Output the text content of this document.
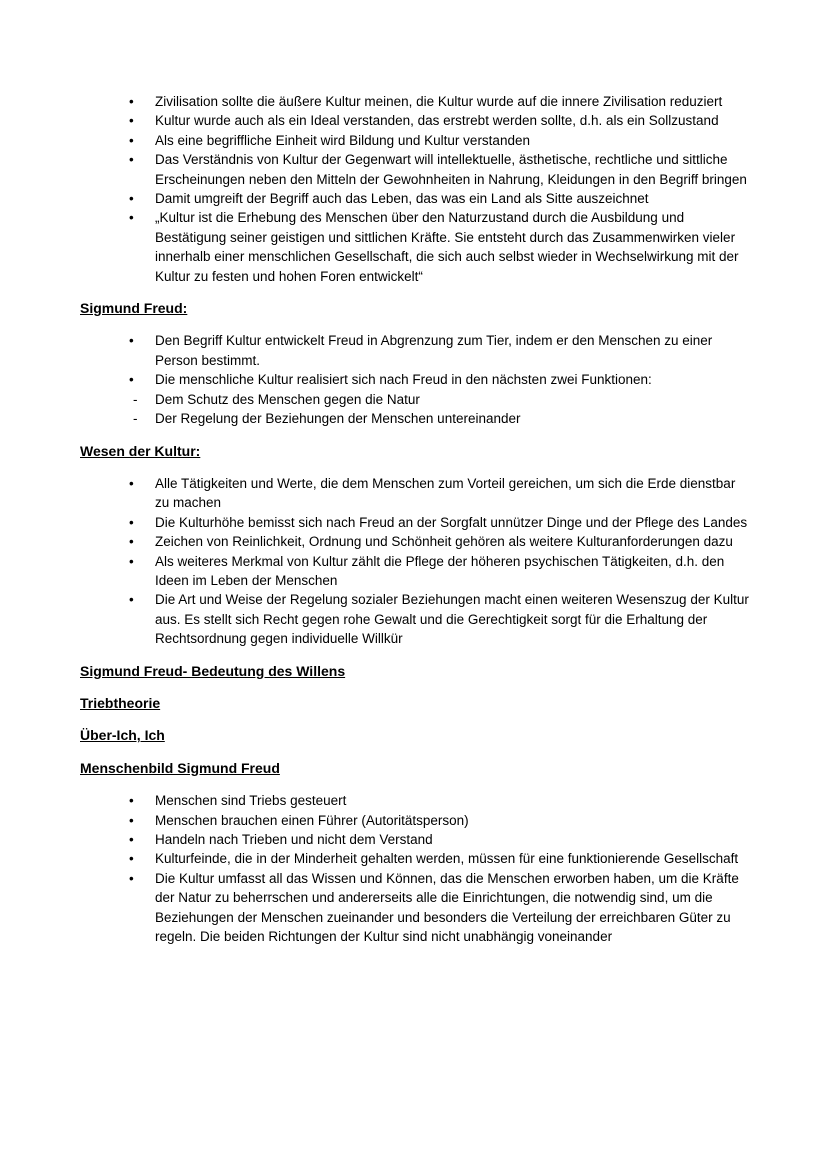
• Zivilisation sollte die äußere Kultur meinen, die Kultur wurde auf die innere Zivilisation reduziert
• Kultur wurde auch als ein Ideal verstanden, das erstrebt werden sollte, d.h. als ein Sollzustand
• Als eine begriffliche Einheit wird Bildung und Kultur verstanden
• Das Verständnis von Kultur der Gegenwart will intellektuelle, ästhetische, rechtliche und sittliche Erscheinungen neben den Mitteln der Gewohnheiten in Nahrung, Kleidungen in den Begriff bringen
• Damit umgreift der Begriff auch das Leben, das was ein Land als Sitte auszeichnet
• „Kultur ist die Erhebung des Menschen über den Naturzustand durch die Ausbildung und Bestätigung seiner geistigen und sittlichen Kräfte. Sie entsteht durch das Zusammenwirken vieler innerhalb einer menschlichen Gesellschaft, die sich auch selbst wieder in Wechselwirkung mit der Kultur zu festen und hohen Foren entwickelt“
Sigmund Freud:
• Den Begriff Kultur entwickelt Freud in Abgrenzung zum Tier, indem er den Menschen zu einer Person bestimmt.
• Die menschliche Kultur realisiert sich nach Freud in den nächsten zwei Funktionen:
- Dem Schutz des Menschen gegen die Natur
- Der Regelung der Beziehungen der Menschen untereinander
Wesen der Kultur:
• Alle Tätigkeiten und Werte, die dem Menschen zum Vorteil gereichen, um sich die Erde dienstbar zu machen
• Die Kulturhöhe bemisst sich nach Freud an der Sorgfalt unnützer Dinge und der Pflege des Landes
• Zeichen von Reinlichkeit, Ordnung und Schönheit gehören als weitere Kulturanforderungen dazu
• Als weiteres Merkmal von Kultur zählt die Pflege der höheren psychischen Tätigkeiten, d.h. den Ideen im Leben der Menschen
• Die Art und Weise der Regelung sozialer Beziehungen macht einen weiteren Wesenszug der Kultur aus. Es stellt sich Recht gegen rohe Gewalt und die Gerechtigkeit sorgt für die Erhaltung der Rechtsordnung gegen individuelle Willkür
Sigmund Freud- Bedeutung des Willens
Triebtheorie
Über-Ich, Ich
Menschenbild Sigmund Freud
• Menschen sind Triebs gesteuert
• Menschen brauchen einen Führer (Autoritätsperson)
• Handeln nach Trieben und nicht dem Verstand
• Kulturfeinde, die in der Minderheit gehalten werden, müssen für eine funktionierende Gesellschaft
• Die Kultur umfasst all das Wissen und Können, das die Menschen erworben haben, um die Kräfte der Natur zu beherrschen und andererseits alle die Einrichtungen, die notwendig sind, um die Beziehungen der Menschen zueinander und besonders die Verteilung der erreichbaren Güter zu regeln. Die beiden Richtungen der Kultur sind nicht unabhängig voneinander
